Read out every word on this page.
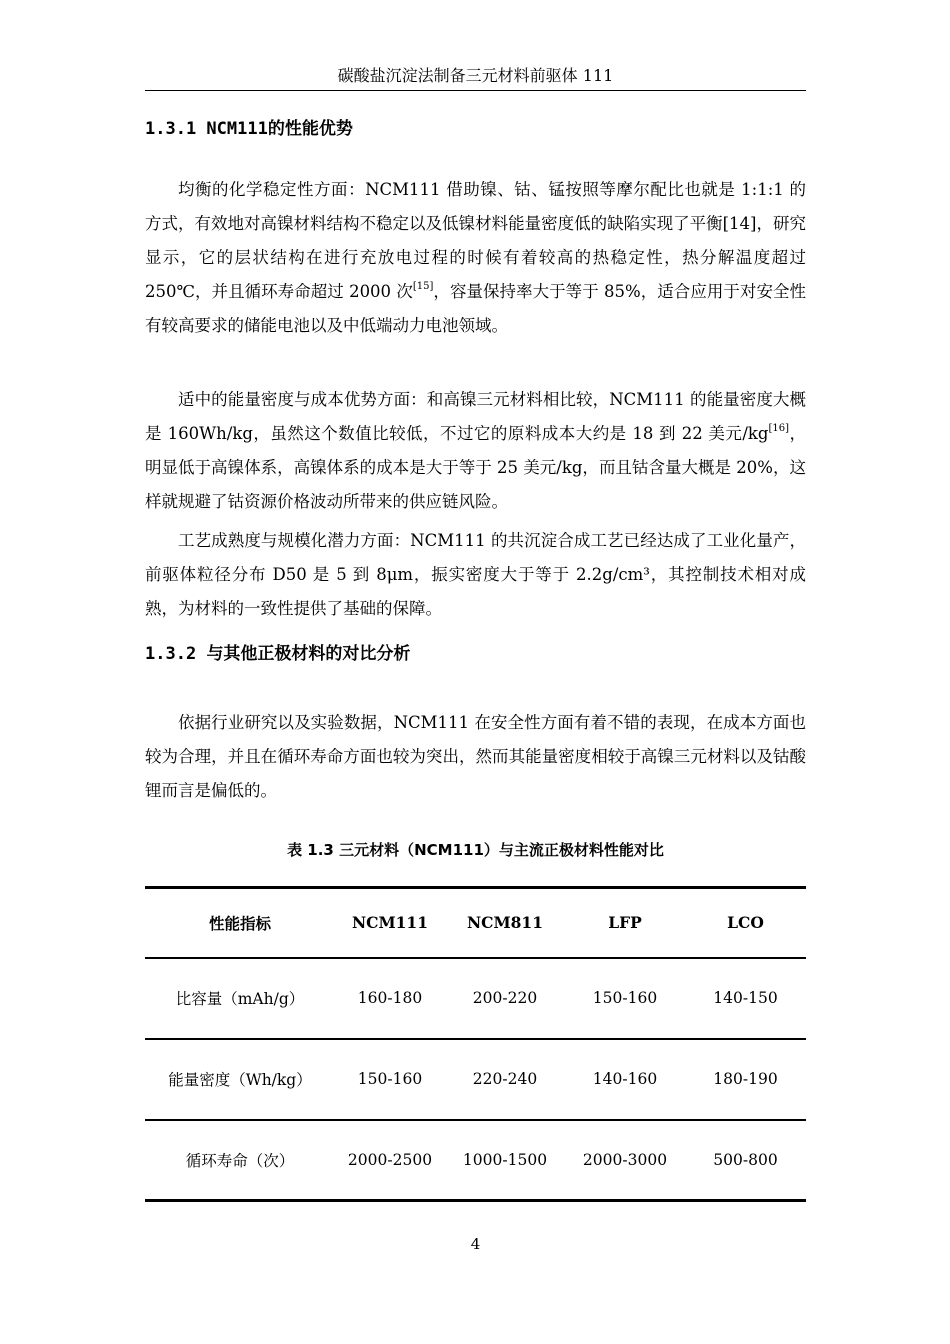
碳酸盐沉淀法制备三元材料前驱体 111
1.3.1 NCM111的性能优势

均衡的化学稳定性方面：NCM111 借助镍、钴、锰按照等摩尔配比也就是 1:1:1 的方式，有效地对高镍材料结构不稳定以及低镍材料能量密度低的缺陷实现了平衡[14]，研究显示，它的层状结构在进行充放电过程的时候有着较高的热稳定性，热分解温度超过 250℃，并且循环寿命超过 2000 次[15]，容量保持率大于等于 85%，适合应用于对安全性有较高要求的储能电池以及中低端动力电池领域。

适中的能量密度与成本优势方面：和高镍三元材料相比较，NCM111 的能量密度大概是 160Wh/kg，虽然这个数值比较低，不过它的原料成本大约是 18 到 22 美元/kg[16]，明显低于高镍体系，高镍体系的成本是大于等于 25 美元/kg，而且钴含量大概是 20%，这样就规避了钴资源价格波动所带来的供应链风险。

工艺成熟度与规模化潜力方面：NCM111 的共沉淀合成工艺已经达成了工业化量产，前驱体粒径分布 D50 是 5 到 8μm，振实密度大于等于 2.2g/cm³，其控制技术相对成熟，为材料的一致性提供了基础的保障。

1.3.2 与其他正极材料的对比分析

依据行业研究以及实验数据，NCM111 在安全性方面有着不错的表现，在成本方面也较为合理，并且在循环寿命方面也较为突出，然而其能量密度相较于高镍三元材料以及钴酸锂而言是偏低的。

表 1.3 三元材料（NCM111）与主流正极材料性能对比
性能指标	NCM111	NCM811	LFP	LCO
比容量（mAh/g）	160-180	200-220	150-160	140-150
能量密度（Wh/kg）	150-160	220-240	140-160	180-190
循环寿命（次）	2000-2500	1000-1500	2000-3000	500-800
4
